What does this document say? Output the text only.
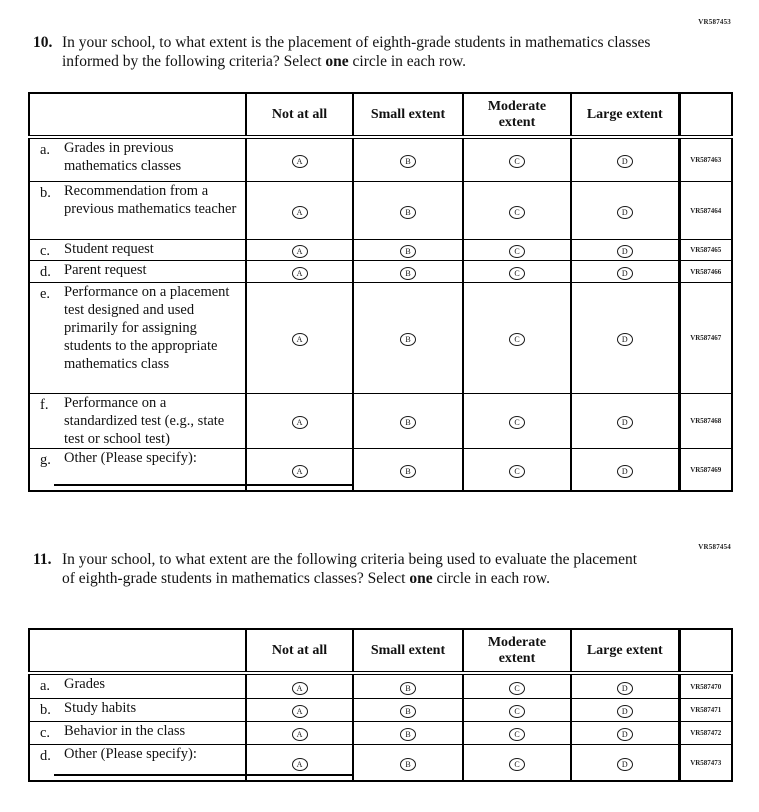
VR587453
VR587454
10. In your school, to what extent is the placement of eighth-grade students in mathematics classes informed by the following criteria? Select one circle in each row.
	Not at all	Small extent	Moderate extent	Large extent	

a. Grades in previous mathematics classes	A	B	C	D	VR587463

b. Recommendation from a previous mathematics teacher	A	B	C	D	VR587464

c. Student request	A	B	C	D	VR587465

d. Parent request	A	B	C	D	VR587466

e. Performance on a placement test designed and used primarily for assigning students to the appropriate mathematics class	A	B	C	D	VR587467

f. Performance on a standardized test (e.g., state test or school test)	A	B	C	D	VR587468

g. Other (Please specify):	A	B	C	D	VR587469
11. In your school, to what extent are the following criteria being used to evaluate the placement of eighth-grade students in mathematics classes? Select one circle in each row.
	Not at all	Small extent	Moderate extent	Large extent	

a. Grades	A	B	C	D	VR587470

b. Study habits	A	B	C	D	VR587471

c. Behavior in the class	A	B	C	D	VR587472

d. Other (Please specify):	A	B	C	D	VR587473
